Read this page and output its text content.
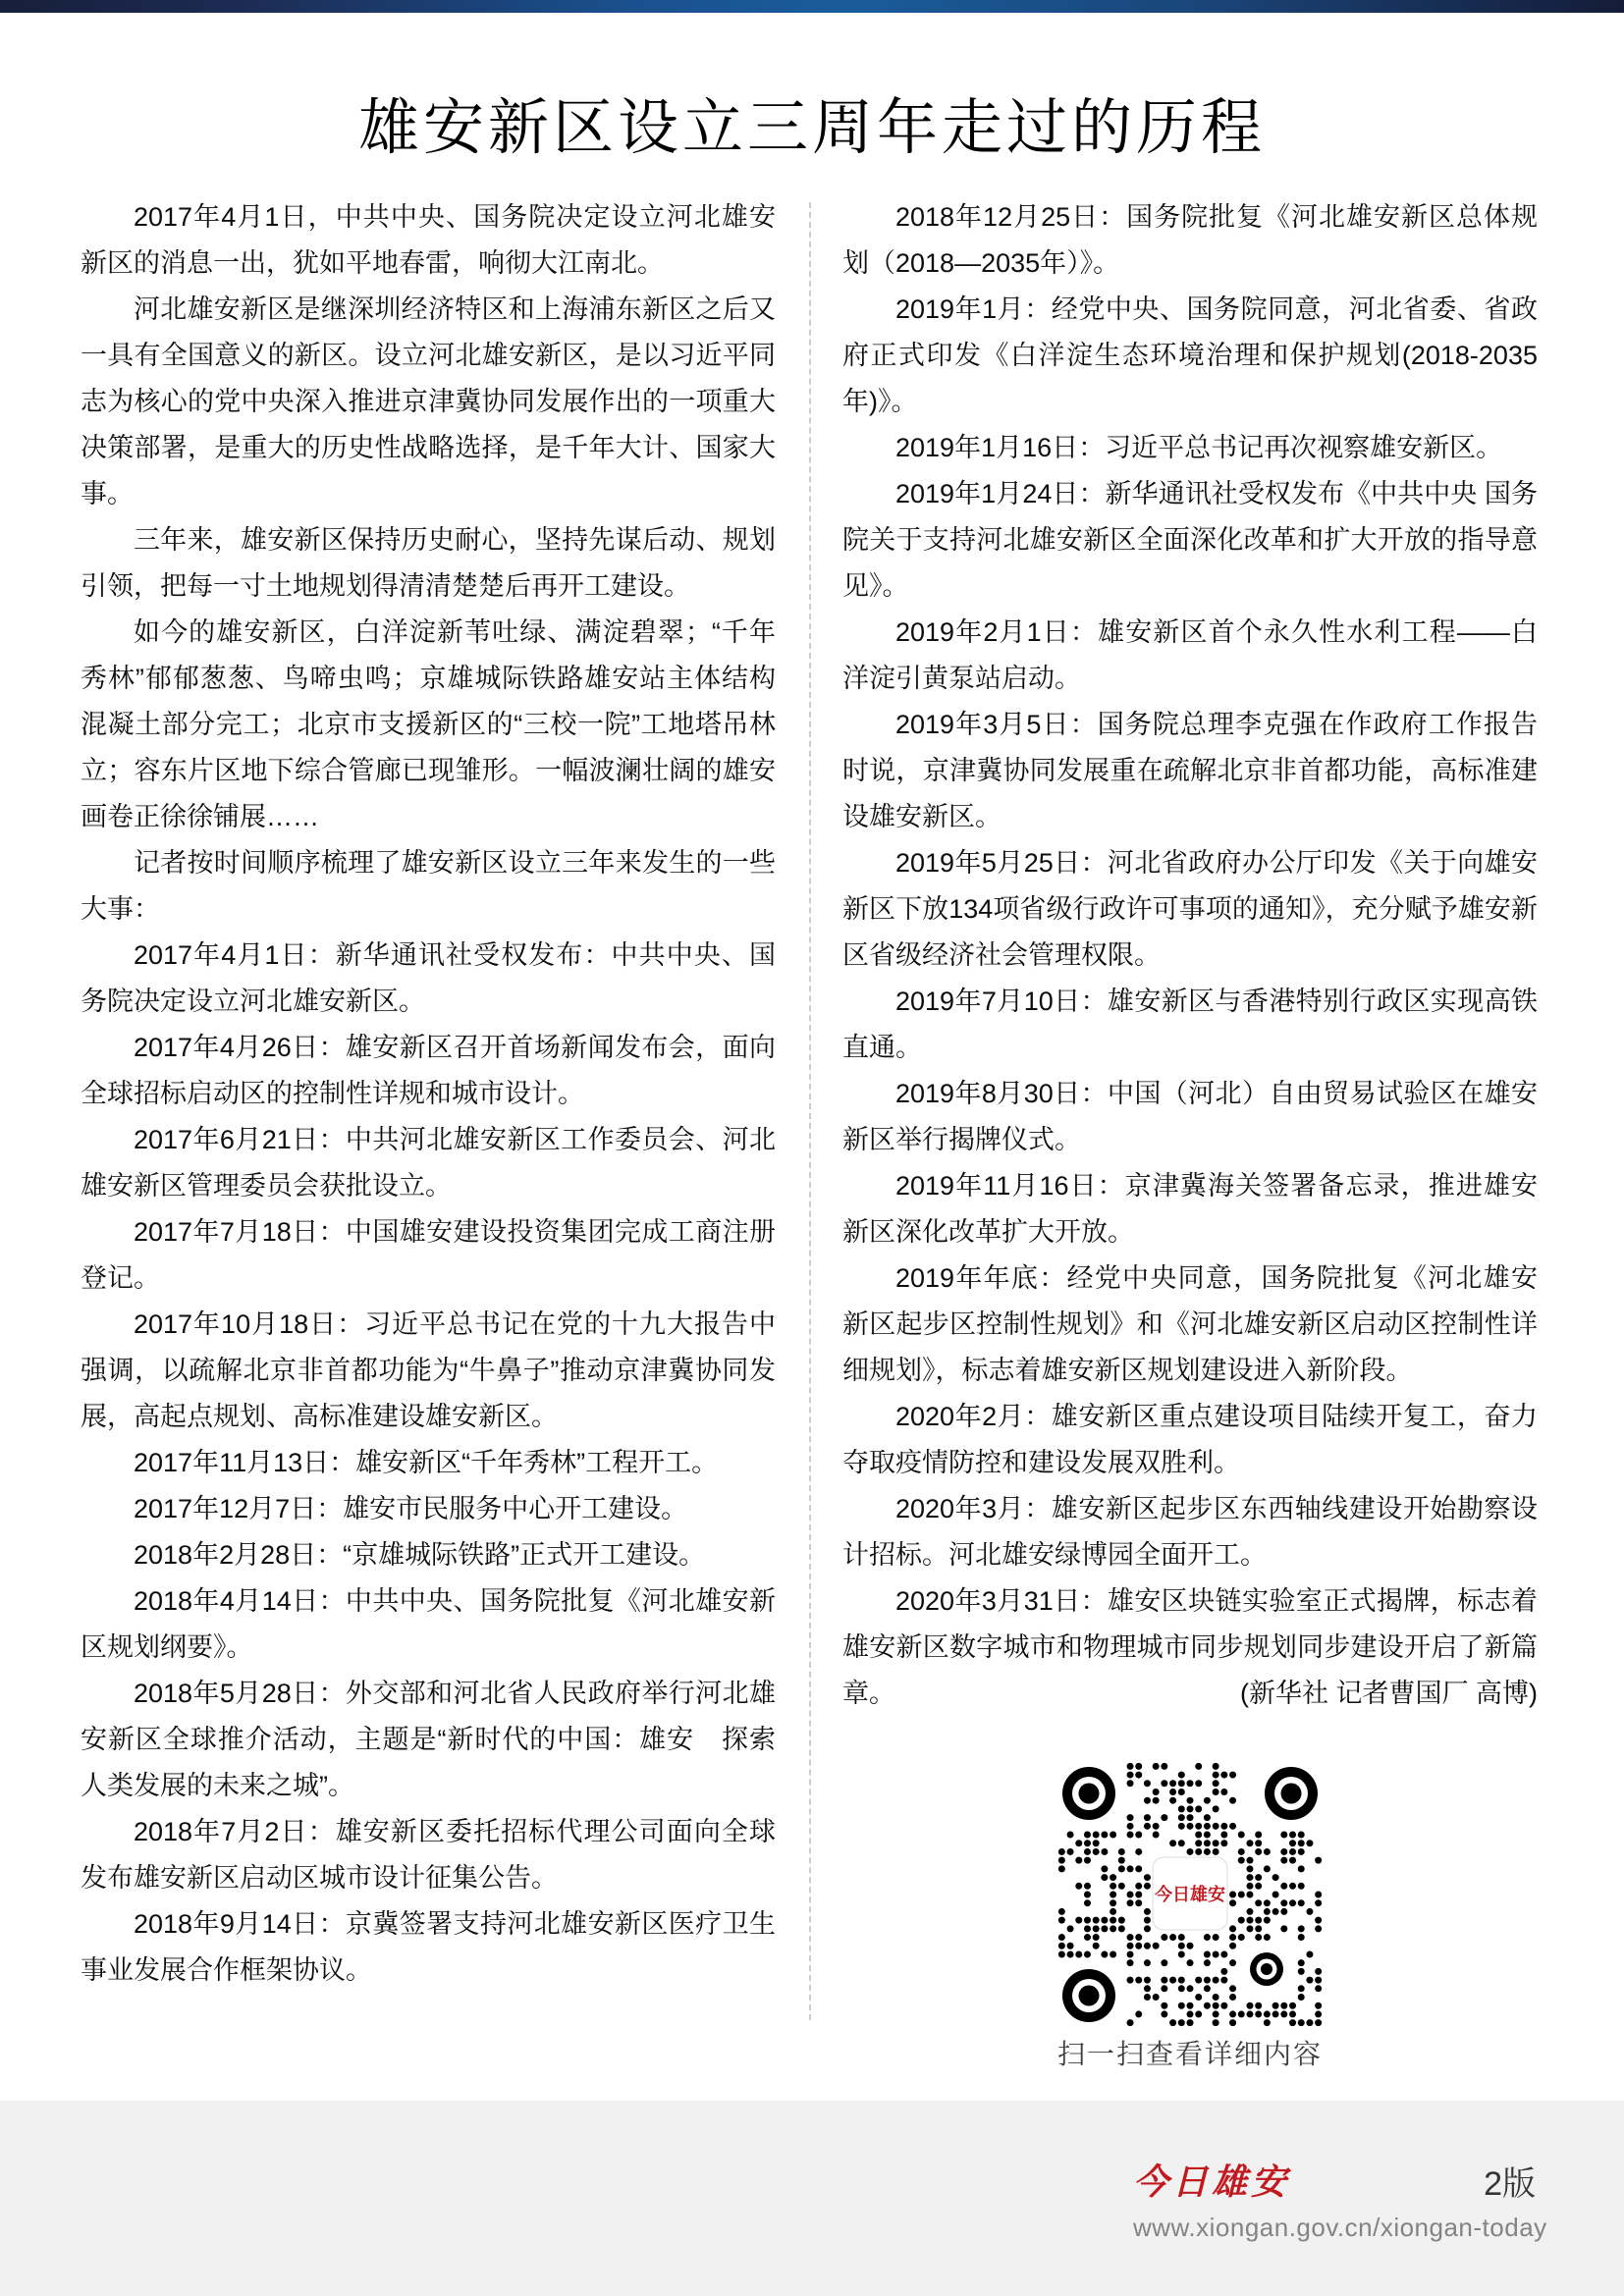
雄安新区设立三周年走过的历程

2017年4月1日，中共中央、国务院决定设立河北雄安新区的消息一出，犹如平地春雷，响彻大江南北。

河北雄安新区是继深圳经济特区和上海浦东新区之后又一具有全国意义的新区。设立河北雄安新区，是以习近平同志为核心的党中央深入推进京津冀协同发展作出的一项重大决策部署，是重大的历史性战略选择，是千年大计、国家大事。

三年来，雄安新区保持历史耐心，坚持先谋后动、规划引领，把每一寸土地规划得清清楚楚后再开工建设。

如今的雄安新区，白洋淀新苇吐绿、满淀碧翠；“千年秀林”郁郁葱葱、鸟啼虫鸣；京雄城际铁路雄安站主体结构混凝土部分完工；北京市支援新区的“三校一院”工地塔吊林立；容东片区地下综合管廊已现雏形。一幅波澜壮阔的雄安画卷正徐徐铺展……

记者按时间顺序梳理了雄安新区设立三年来发生的一些大事：

2017年4月1日：新华通讯社受权发布：中共中央、国务院决定设立河北雄安新区。

2017年4月26日：雄安新区召开首场新闻发布会，面向全球招标启动区的控制性详规和城市设计。

2017年6月21日：中共河北雄安新区工作委员会、河北雄安新区管理委员会获批设立。

2017年7月18日：中国雄安建设投资集团完成工商注册登记。

2017年10月18日：习近平总书记在党的十九大报告中强调，以疏解北京非首都功能为“牛鼻子”推动京津冀协同发展，高起点规划、高标准建设雄安新区。

2017年11月13日：雄安新区“千年秀林”工程开工。

2017年12月7日：雄安市民服务中心开工建设。

2018年2月28日：“京雄城际铁路”正式开工建设。

2018年4月14日：中共中央、国务院批复《河北雄安新区规划纲要》。

2018年5月28日：外交部和河北省人民政府举行河北雄安新区全球推介活动，主题是“新时代的中国：雄安　探索人类发展的未来之城”。

2018年7月2日：雄安新区委托招标代理公司面向全球发布雄安新区启动区城市设计征集公告。

2018年9月14日：京冀签署支持河北雄安新区医疗卫生事业发展合作框架协议。

2018年12月25日：国务院批复《河北雄安新区总体规划（2018—2035年）》。

2019年1月：经党中央、国务院同意，河北省委、省政府正式印发《白洋淀生态环境治理和保护规划(2018-2035年)》。

2019年1月16日：习近平总书记再次视察雄安新区。

2019年1月24日：新华通讯社受权发布《中共中央 国务院关于支持河北雄安新区全面深化改革和扩大开放的指导意见》。

2019年2月1日：雄安新区首个永久性水利工程——白洋淀引黄泵站启动。

2019年3月5日：国务院总理李克强在作政府工作报告时说，京津冀协同发展重在疏解北京非首都功能，高标准建设雄安新区。

2019年5月25日：河北省政府办公厅印发《关于向雄安新区下放134项省级行政许可事项的通知》，充分赋予雄安新区省级经济社会管理权限。

2019年7月10日：雄安新区与香港特别行政区实现高铁直通。

2019年8月30日：中国（河北）自由贸易试验区在雄安新区举行揭牌仪式。

2019年11月16日：京津冀海关签署备忘录，推进雄安新区深化改革扩大开放。

2019年年底：经党中央同意，国务院批复《河北雄安新区起步区控制性规划》和《河北雄安新区启动区控制性详细规划》，标志着雄安新区规划建设进入新阶段。

2020年2月：雄安新区重点建设项目陆续开复工，奋力夺取疫情防控和建设发展双胜利。

2020年3月：雄安新区起步区东西轴线建设开始勘察设计招标。河北雄安绿博园全面开工。

2020年3月31日：雄安区块链实验室正式揭牌，标志着雄安新区数字城市和物理城市同步规划同步建设开启了新篇章。	(新华社 记者曹国厂 高博)

今日雄安
扫一扫查看详细内容
今日雄安	2版
www.xiongan.gov.cn/xiongan-today
